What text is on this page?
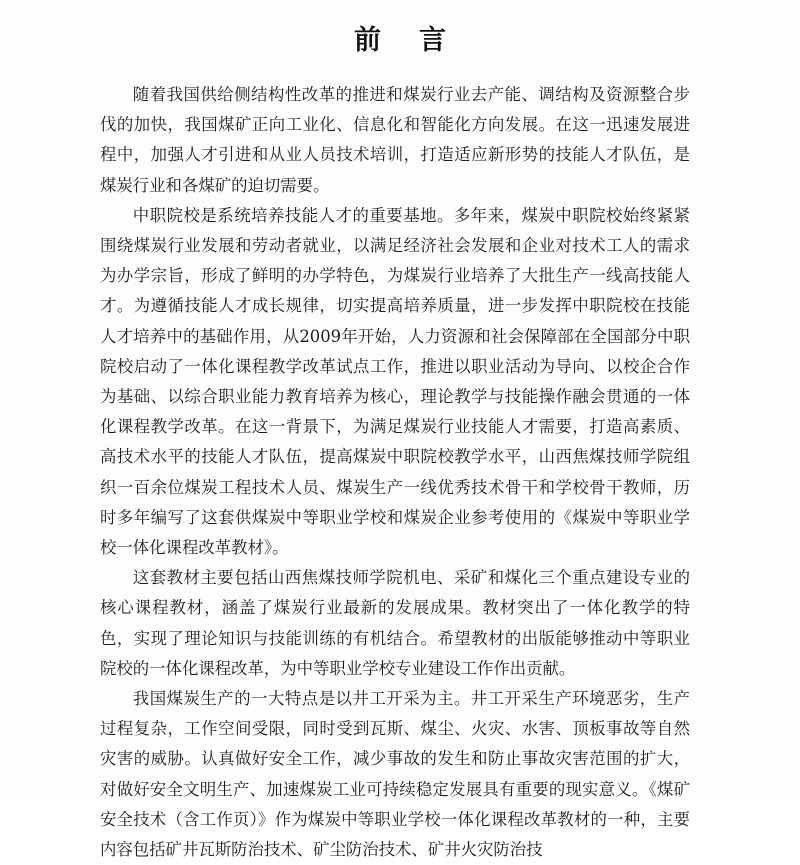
前言

随着我国供给侧结构性改革的推进和煤炭行业去产能、调结构及资源整合步伐的加快，我国煤矿正向工业化、信息化和智能化方向发展。在这一迅速发展进程中，加强人才引进和从业人员技术培训，打造适应新形势的技能人才队伍，是煤炭行业和各煤矿的迫切需要。

中职院校是系统培养技能人才的重要基地。多年来，煤炭中职院校始终紧紧围绕煤炭行业发展和劳动者就业，以满足经济社会发展和企业对技术工人的需求为办学宗旨，形成了鲜明的办学特色，为煤炭行业培养了大批生产一线高技能人才。为遵循技能人才成长规律，切实提高培养质量，进一步发挥中职院校在技能人才培养中的基础作用，从2009年开始，人力资源和社会保障部在全国部分中职院校启动了一体化课程教学改革试点工作，推进以职业活动为导向、以校企合作为基础、以综合职业能力教育培养为核心，理论教学与技能操作融会贯通的一体化课程教学改革。在这一背景下，为满足煤炭行业技能人才需要，打造高素质、高技术水平的技能人才队伍，提高煤炭中职院校教学水平，山西焦煤技师学院组织一百余位煤炭工程技术人员、煤炭生产一线优秀技术骨干和学校骨干教师，历时多年编写了这套供煤炭中等职业学校和煤炭企业参考使用的《煤炭中等职业学校一体化课程改革教材》。

这套教材主要包括山西焦煤技师学院机电、采矿和煤化三个重点建设专业的核心课程教材，涵盖了煤炭行业最新的发展成果。教材突出了一体化教学的特色，实现了理论知识与技能训练的有机结合。希望教材的出版能够推动中等职业院校的一体化课程改革，为中等职业学校专业建设工作作出贡献。

我国煤炭生产的一大特点是以井工开采为主。井工开采生产环境恶劣，生产过程复杂，工作空间受限，同时受到瓦斯、煤尘、火灾、水害、顶板事故等自然灾害的威胁。认真做好安全工作，减少事故的发生和防止事故灾害范围的扩大，对做好安全文明生产、加速煤炭工业可持续稳定发展具有重要的现实意义。《煤矿安全技术（含工作页）》作为煤炭中等职业学校一体化课程改革教材的一种，主要内容包括矿井瓦斯防治技术、矿尘防治技术、矿井火灾防治技
